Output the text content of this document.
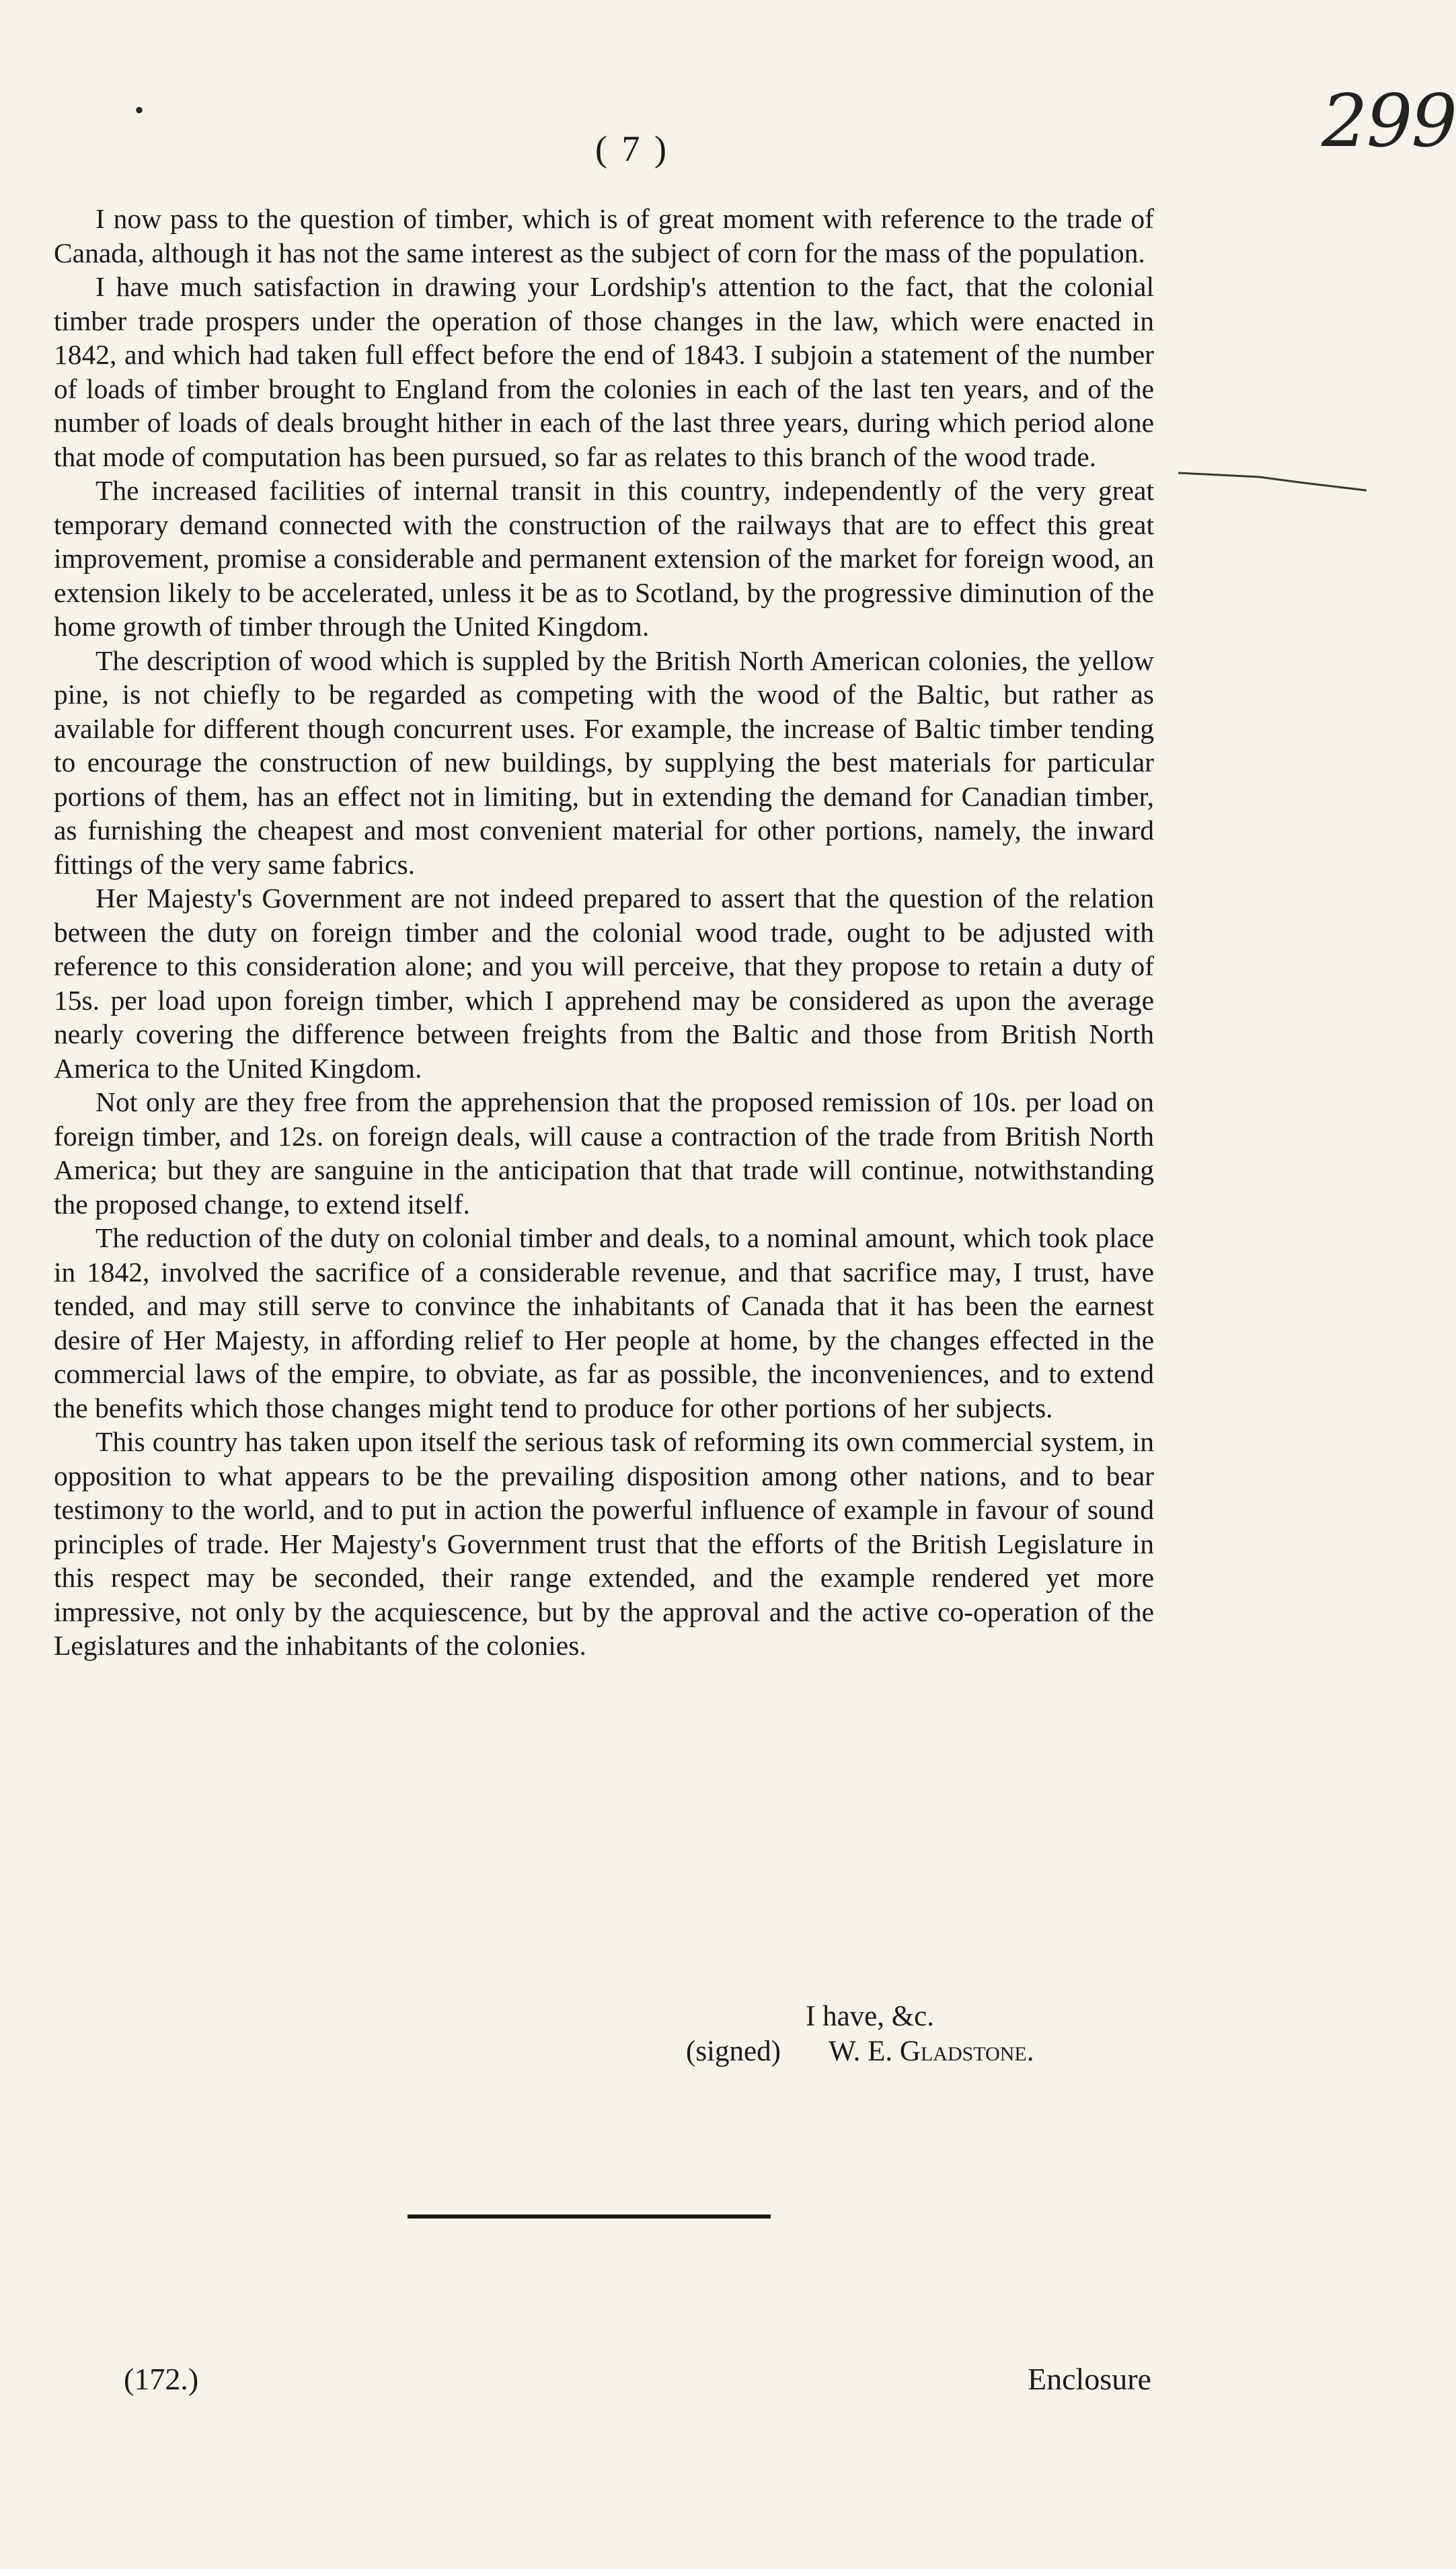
•
( 7 )	299

I now pass to the question of timber, which is of great moment with reference to the trade of Canada, although it has not the same interest as the subject of corn for the mass of the population.

I have much satisfaction in drawing your Lordship's attention to the fact, that the colonial timber trade prospers under the operation of those changes in the law, which were enacted in 1842, and which had taken full effect before the end of 1843. I subjoin a statement of the number of loads of timber brought to England from the colonies in each of the last ten years, and of the number of loads of deals brought hither in each of the last three years, during which period alone that mode of computation has been pursued, so far as relates to this branch of the wood trade.

The increased facilities of internal transit in this country, independently of the very great temporary demand connected with the construction of the railways that are to effect this great improvement, promise a considerable and permanent extension of the market for foreign wood, an extension likely to be accelerated, unless it be as to Scotland, by the progressive diminution of the home growth of timber through the United Kingdom.

The description of wood which is suppled by the British North American colonies, the yellow pine, is not chiefly to be regarded as competing with the wood of the Baltic, but rather as available for different though concurrent uses. For example, the increase of Baltic timber tending to encourage the construction of new buildings, by supplying the best materials for particular portions of them, has an effect not in limiting, but in extending the demand for Canadian timber, as furnishing the cheapest and most convenient material for other portions, namely, the inward fittings of the very same fabrics.

Her Majesty's Government are not indeed prepared to assert that the question of the relation between the duty on foreign timber and the colonial wood trade, ought to be adjusted with reference to this consideration alone; and you will perceive, that they propose to retain a duty of 15s. per load upon foreign timber, which I apprehend may be considered as upon the average nearly covering the difference between freights from the Baltic and those from British North America to the United Kingdom.

Not only are they free from the apprehension that the proposed remission of 10s. per load on foreign timber, and 12s. on foreign deals, will cause a contraction of the trade from British North America; but they are sanguine in the anticipation that that trade will continue, notwithstanding the proposed change, to extend itself.

The reduction of the duty on colonial timber and deals, to a nominal amount, which took place in 1842, involved the sacrifice of a considerable revenue, and that sacrifice may, I trust, have tended, and may still serve to convince the inhabitants of Canada that it has been the earnest desire of Her Majesty, in affording relief to Her people at home, by the changes effected in the commercial laws of the empire, to obviate, as far as possible, the inconveniences, and to extend the benefits which those changes might tend to produce for other portions of her subjects.

This country has taken upon itself the serious task of reforming its own commercial system, in opposition to what appears to be the prevailing disposition among other nations, and to bear testimony to the world, and to put in action the powerful influence of example in favour of sound principles of trade. Her Majesty's Government trust that the efforts of the British Legislature in this respect may be seconded, their range extended, and the example rendered yet more impressive, not only by the acquiescence, but by the approval and the active co-operation of the Legislatures and the inhabitants of the colonies.

I have, &c.
(signed) W. E. Gladstone.
(172.)	Enclosure
